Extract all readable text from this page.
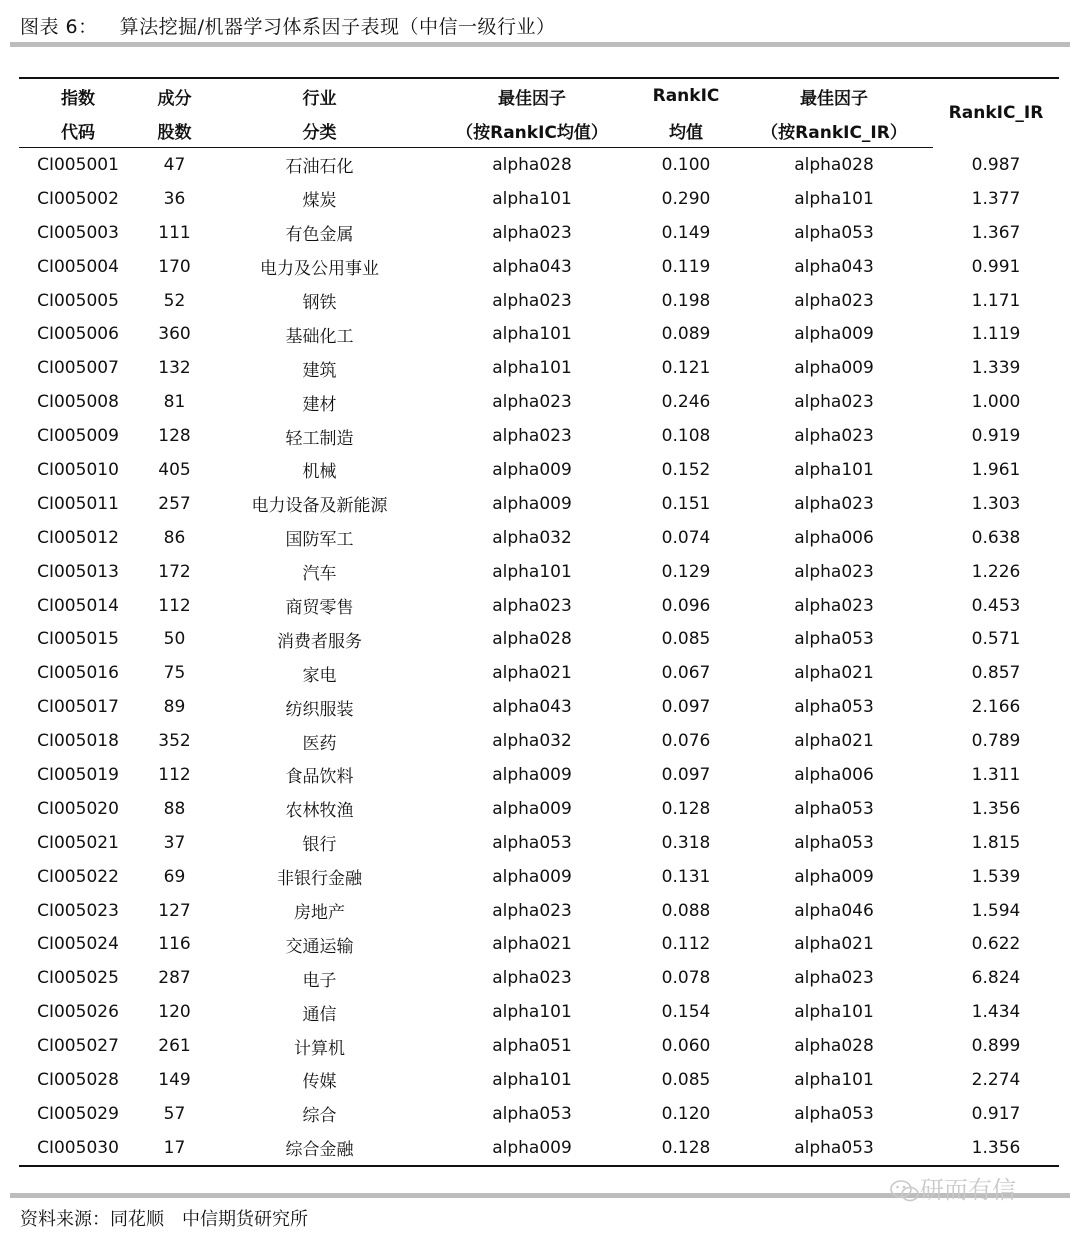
图表 6： 算法挖掘/机器学习体系因子表现（中信一级行业）
指数	成分	行业	最佳因子	RankIC	最佳因子	RankIC_IR
代码	股数	分类	（按RankIC均值）	均值	（按RankIC_IR）	
CI005001	47	石油石化	alpha028	0.100	alpha028	0.987
CI005002	36	煤炭	alpha101	0.290	alpha101	1.377
CI005003	111	有色金属	alpha023	0.149	alpha053	1.367
CI005004	170	电力及公用事业	alpha043	0.119	alpha043	0.991
CI005005	52	钢铁	alpha023	0.198	alpha023	1.171
CI005006	360	基础化工	alpha101	0.089	alpha009	1.119
CI005007	132	建筑	alpha101	0.121	alpha009	1.339
CI005008	81	建材	alpha023	0.246	alpha023	1.000
CI005009	128	轻工制造	alpha023	0.108	alpha023	0.919
CI005010	405	机械	alpha009	0.152	alpha101	1.961
CI005011	257	电力设备及新能源	alpha009	0.151	alpha023	1.303
CI005012	86	国防军工	alpha032	0.074	alpha006	0.638
CI005013	172	汽车	alpha101	0.129	alpha023	1.226
CI005014	112	商贸零售	alpha023	0.096	alpha023	0.453
CI005015	50	消费者服务	alpha028	0.085	alpha053	0.571
CI005016	75	家电	alpha021	0.067	alpha021	0.857
CI005017	89	纺织服装	alpha043	0.097	alpha053	2.166
CI005018	352	医药	alpha032	0.076	alpha021	0.789
CI005019	112	食品饮料	alpha009	0.097	alpha006	1.311
CI005020	88	农林牧渔	alpha009	0.128	alpha053	1.356
CI005021	37	银行	alpha053	0.318	alpha053	1.815
CI005022	69	非银行金融	alpha009	0.131	alpha009	1.539
CI005023	127	房地产	alpha023	0.088	alpha046	1.594
CI005024	116	交通运输	alpha021	0.112	alpha021	0.622
CI005025	287	电子	alpha023	0.078	alpha023	6.824
CI005026	120	通信	alpha101	0.154	alpha101	1.434
CI005027	261	计算机	alpha051	0.060	alpha028	0.899
CI005028	149	传媒	alpha101	0.085	alpha101	2.274
CI005029	57	综合	alpha053	0.120	alpha053	0.917
CI005030	17	综合金融	alpha009	0.128	alpha053	1.356
研而有信
资料来源：同花顺 中信期货研究所
